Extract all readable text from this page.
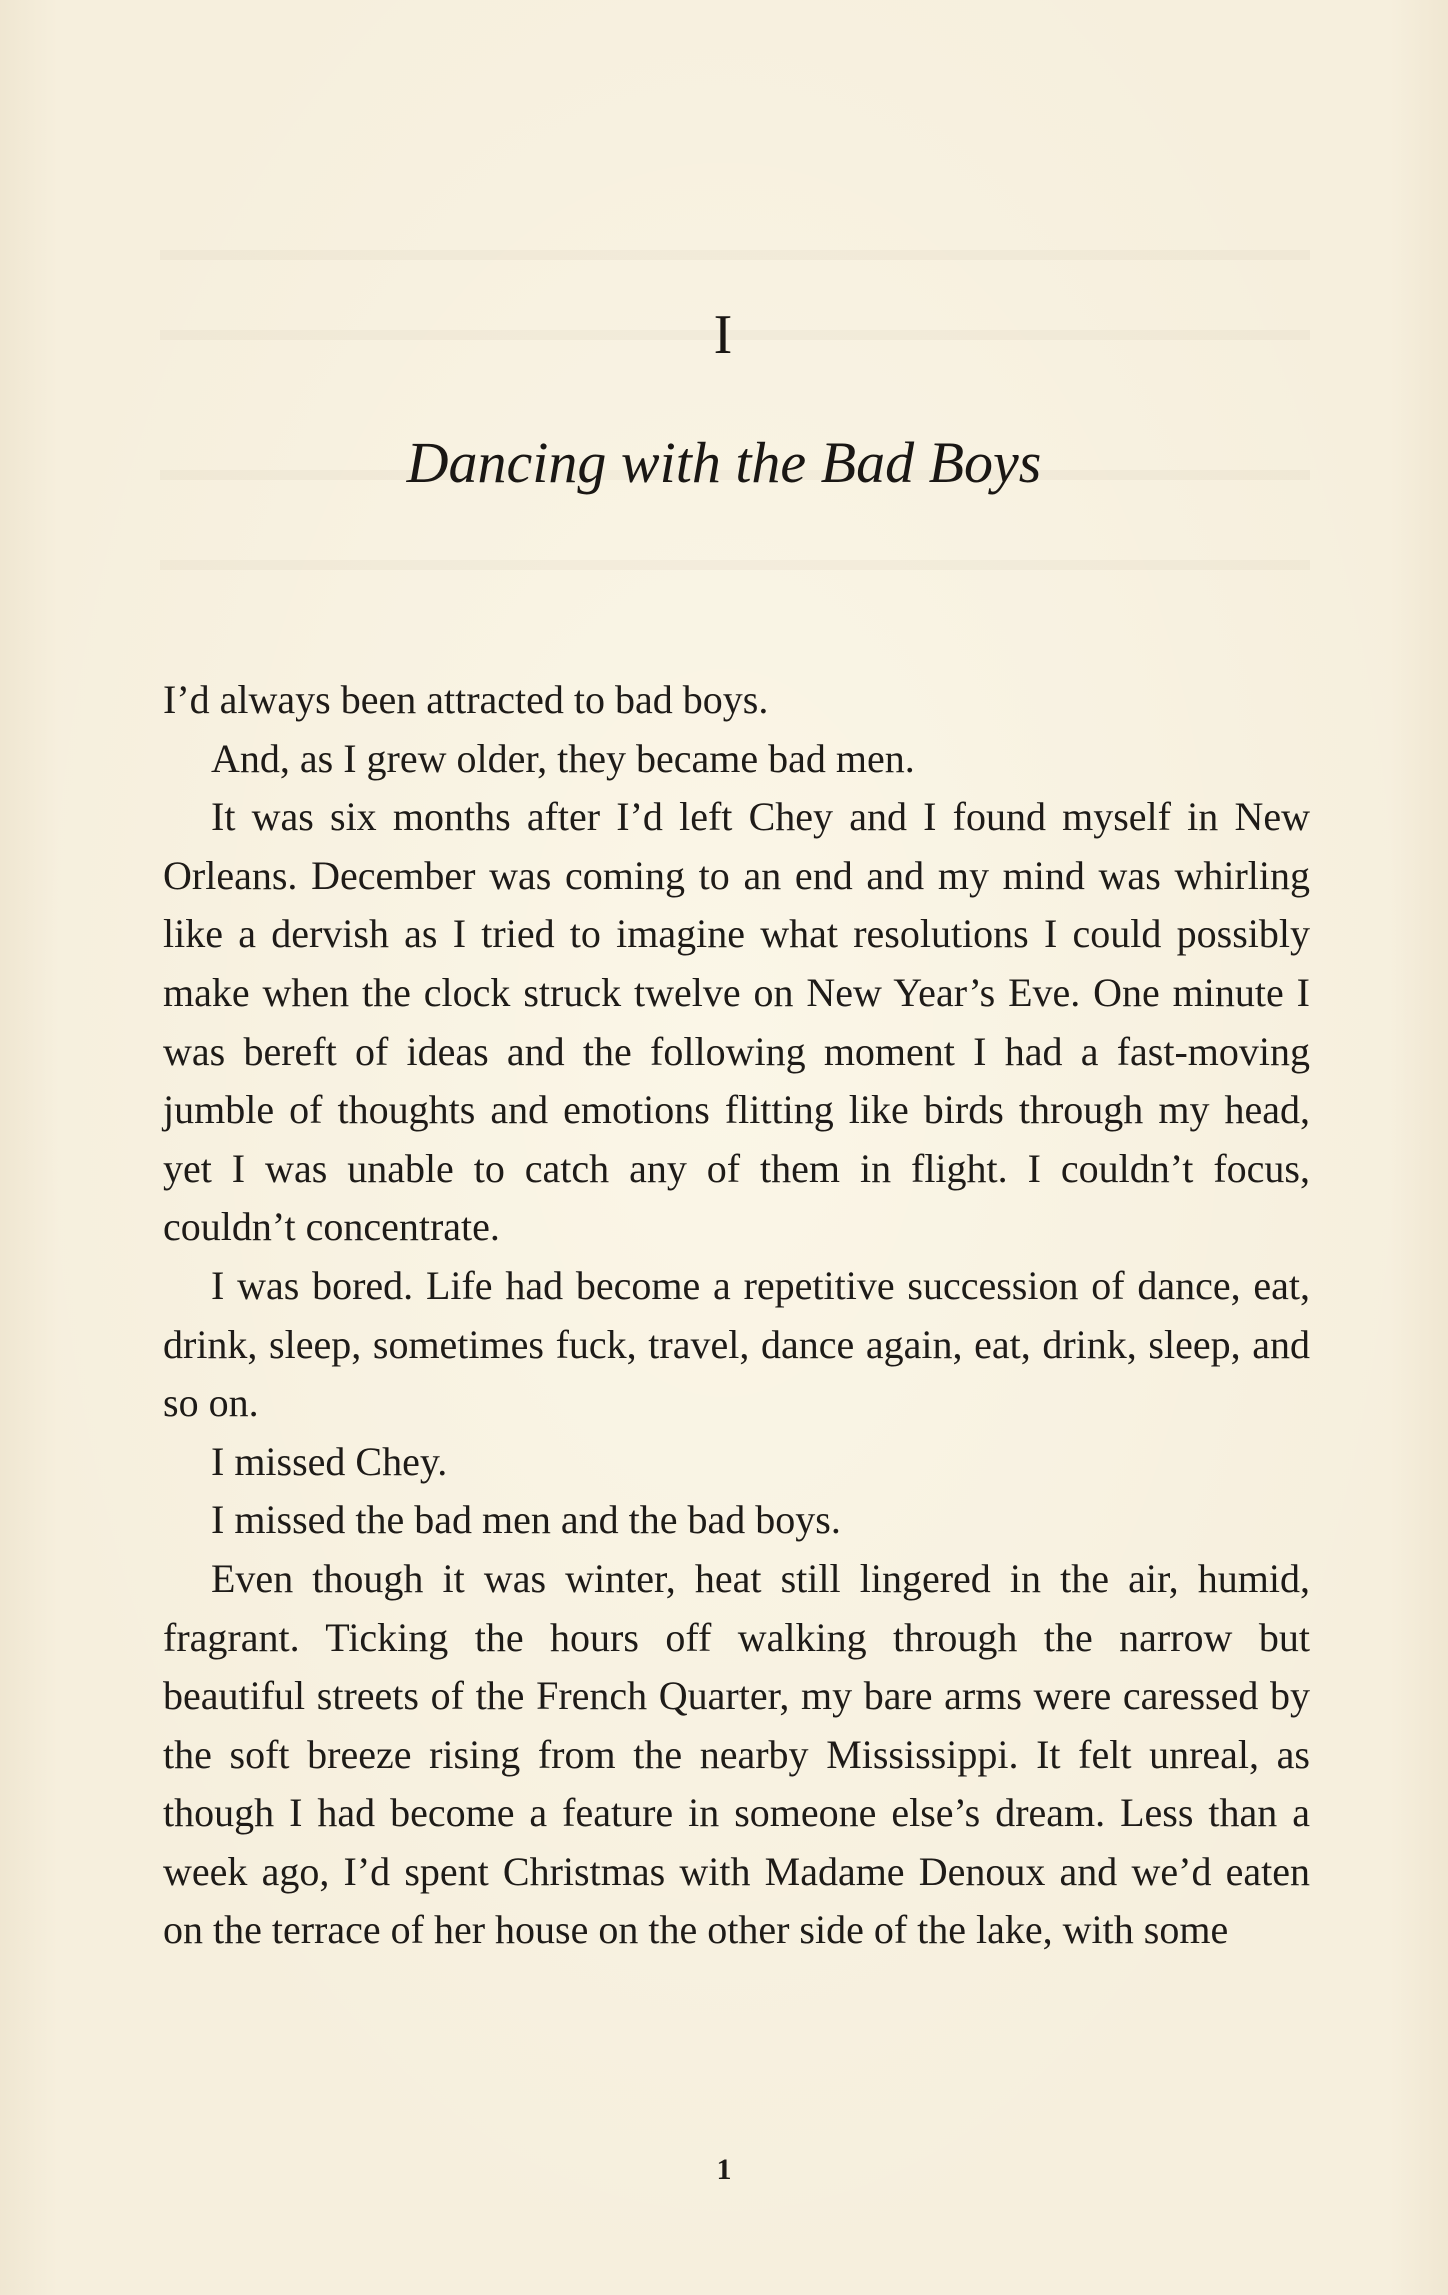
I
Dancing with the Bad Boys

I’d always been attracted to bad boys.

And, as I grew older, they became bad men.

It was six months after I’d left Chey and I found myself in New Orleans. December was coming to an end and my mind was whirling like a dervish as I tried to imagine what resolutions I could possibly make when the clock struck twelve on New Year’s Eve. One minute I was bereft of ideas and the following moment I had a fast-moving jumble of thoughts and emotions flitting like birds through my head, yet I was unable to catch any of them in flight. I couldn’t focus, couldn’t concentrate.

I was bored. Life had become a repetitive succession of dance, eat, drink, sleep, sometimes fuck, travel, dance again, eat, drink, sleep, and so on.

I missed Chey.

I missed the bad men and the bad boys.

Even though it was winter, heat still lingered in the air, humid, fragrant. Ticking the hours off walking through the narrow but beautiful streets of the French Quarter, my bare arms were caressed by the soft breeze rising from the nearby Mississippi. It felt unreal, as though I had become a feature in someone else’s dream. Less than a week ago, I’d spent Christmas with Madame Denoux and we’d eaten on the terrace of her house on the other side of the lake, with some

1
